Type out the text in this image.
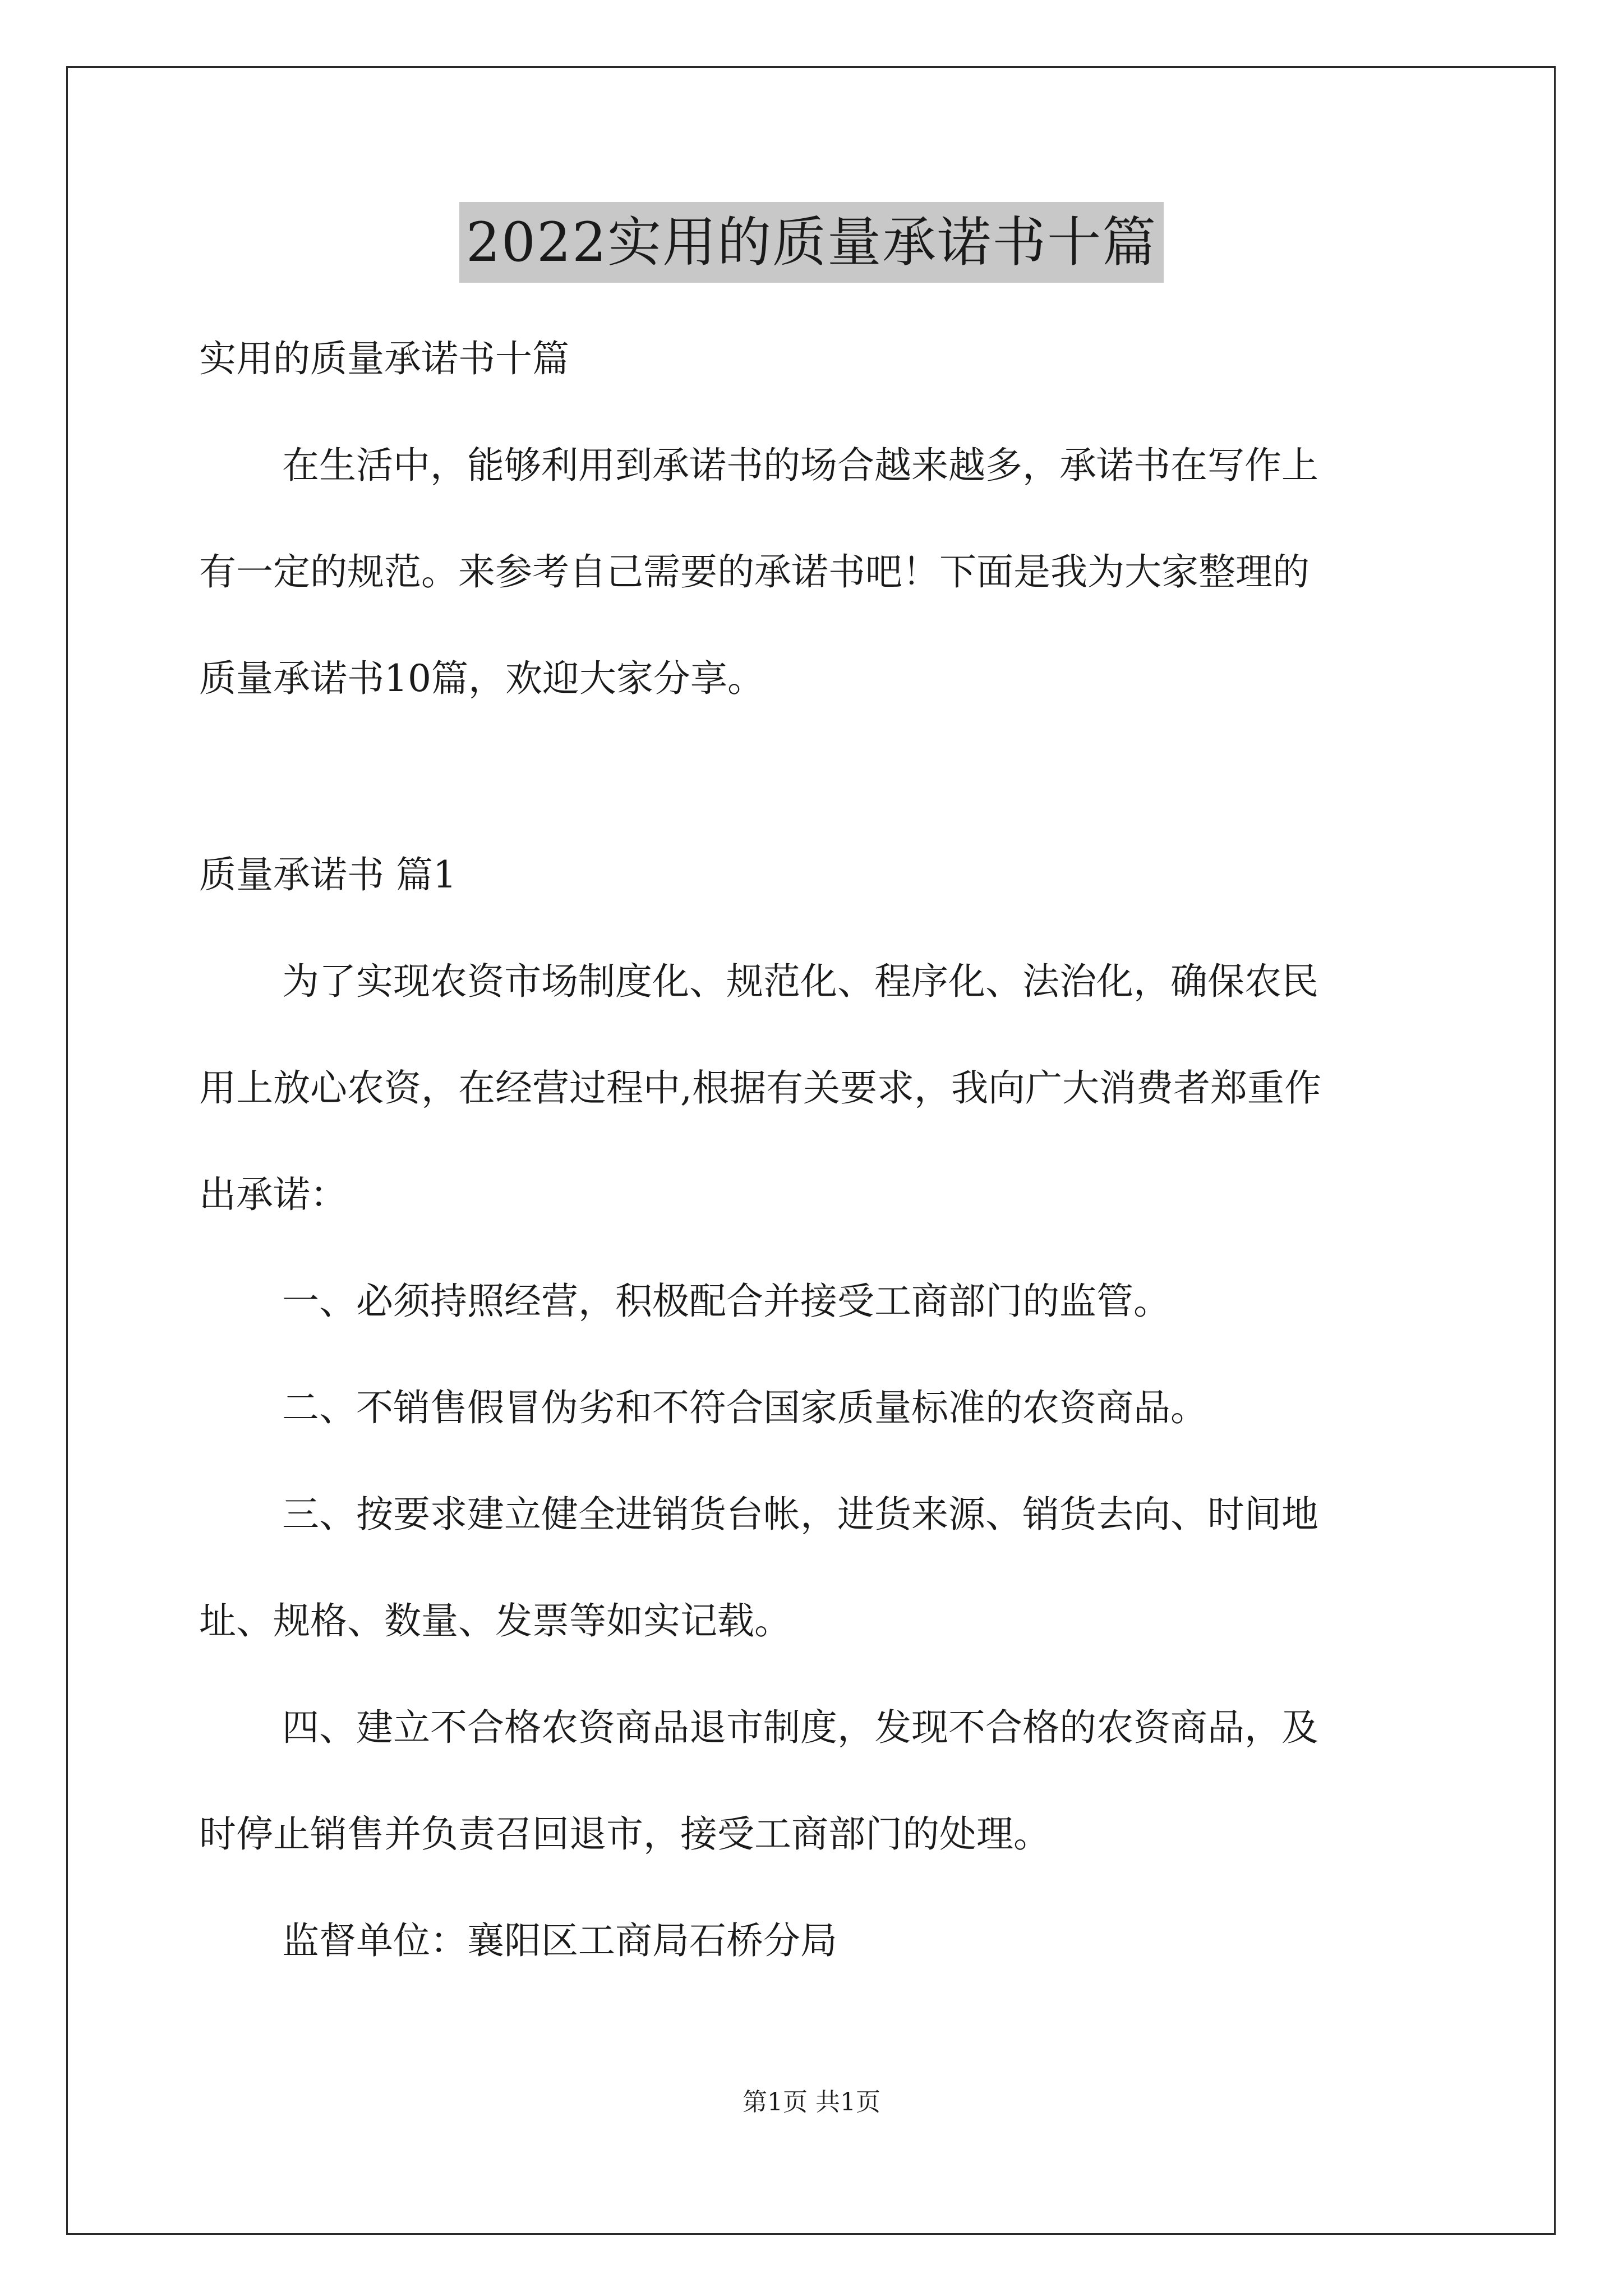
2022实用的质量承诺书十篇

实用的质量承诺书十篇

在生活中，能够利用到承诺书的场合越来越多，承诺书在写作上

有一定的规范。来参考自己需要的承诺书吧！下面是我为大家整理的

质量承诺书10篇，欢迎大家分享。

质量承诺书 篇1

为了实现农资市场制度化、规范化、程序化、法治化，确保农民

用上放心农资，在经营过程中,根据有关要求，我向广大消费者郑重作

出承诺：

一、必须持照经营，积极配合并接受工商部门的监管。

二、不销售假冒伪劣和不符合国家质量标准的农资商品。

三、按要求建立健全进销货台帐，进货来源、销货去向、时间地

址、规格、数量、发票等如实记载。

四、建立不合格农资商品退市制度，发现不合格的农资商品，及

时停止销售并负责召回退市，接受工商部门的处理。

监督单位：襄阳区工商局石桥分局

第1页 共1页
